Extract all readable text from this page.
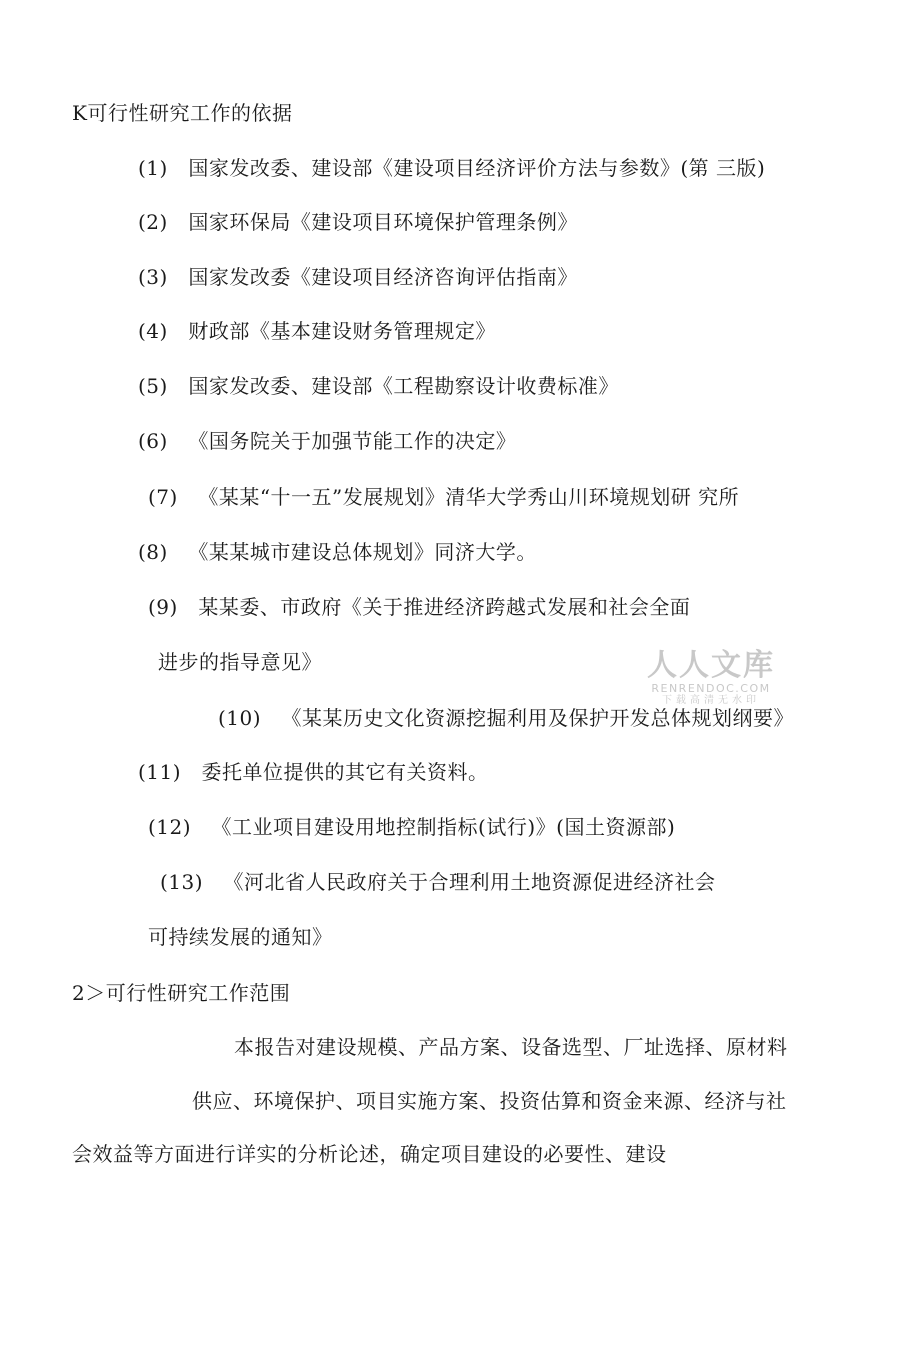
K可行性研究工作的依据
(1) 国家发改委、建设部《建设项目经济评价方法与参数》(第 三版)
(2) 国家环保局《建设项目环境保护管理条例》
(3) 国家发改委《建设项目经济咨询评估指南》
(4) 财政部《基本建设财务管理规定》
(5) 国家发改委、建设部《工程勘察设计收费标准》
(6) 《国务院关于加强节能工作的决定》
(7) 《某某“十一五”发展规划》清华大学秀山川环境规划研 究所
(8) 《某某城市建设总体规划》同济大学。
(9) 某某委、市政府《关于推进经济跨越式发展和社会全面
进步的指导意见》
(10) 《某某历史文化资源挖掘利用及保护开发总体规划纲要》
(11) 委托单位提供的其它有关资料。
(12) 《工业项目建设用地控制指标(试行)》(国土资源部)
(13) 《河北省人民政府关于合理利用土地资源促进经济社会
可持续发展的通知》
2＞可行性研究工作范围
本报告对建设规模、产品方案、设备选型、厂址选择、原材料
供应、环境保护、项目实施方案、投资估算和资金来源、经济与社
会效益等方面进行详实的分析论述，确定项目建设的必要性、建设
人人文库
RENRENDOC.COM
下载高清无水印
